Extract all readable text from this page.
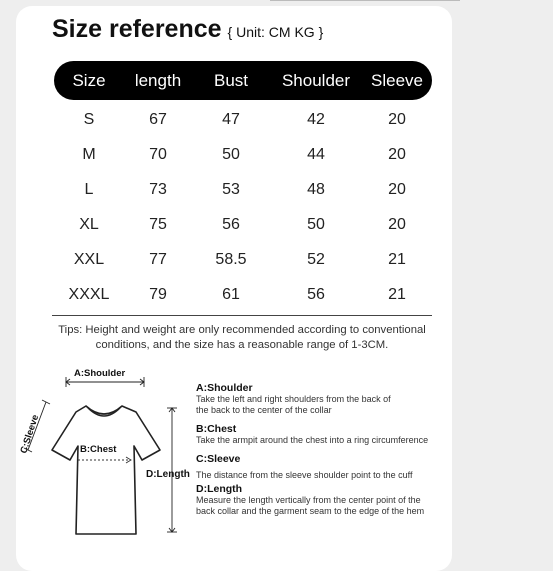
Size reference { Unit: CM KG }
Size	length	Bust	Shoulder	Sleeve
S	67	47	42	20
M	70	50	44	20
L	73	53	48	20
XL	75	56	50	20
XXL	77	58.5	52	21
XXXL	79	61	56	21
Tips: Height and weight are only recommended according to conventional
conditions, and the size has a reasonable range of 1-3CM.
A:Shoulder
B:Chest
C:Sleeve
A:Shoulder
Take the left and right shoulders from the back of
the back to the center of the collar
B:Chest
Take the armpit around the chest into a ring circumference
C:Sleeve
D:Length
Measure the length vertically from the center point of the
back collar and the garment seam to the edge of the hem
D:Length The distance from the sleeve shoulder point to the cuff
